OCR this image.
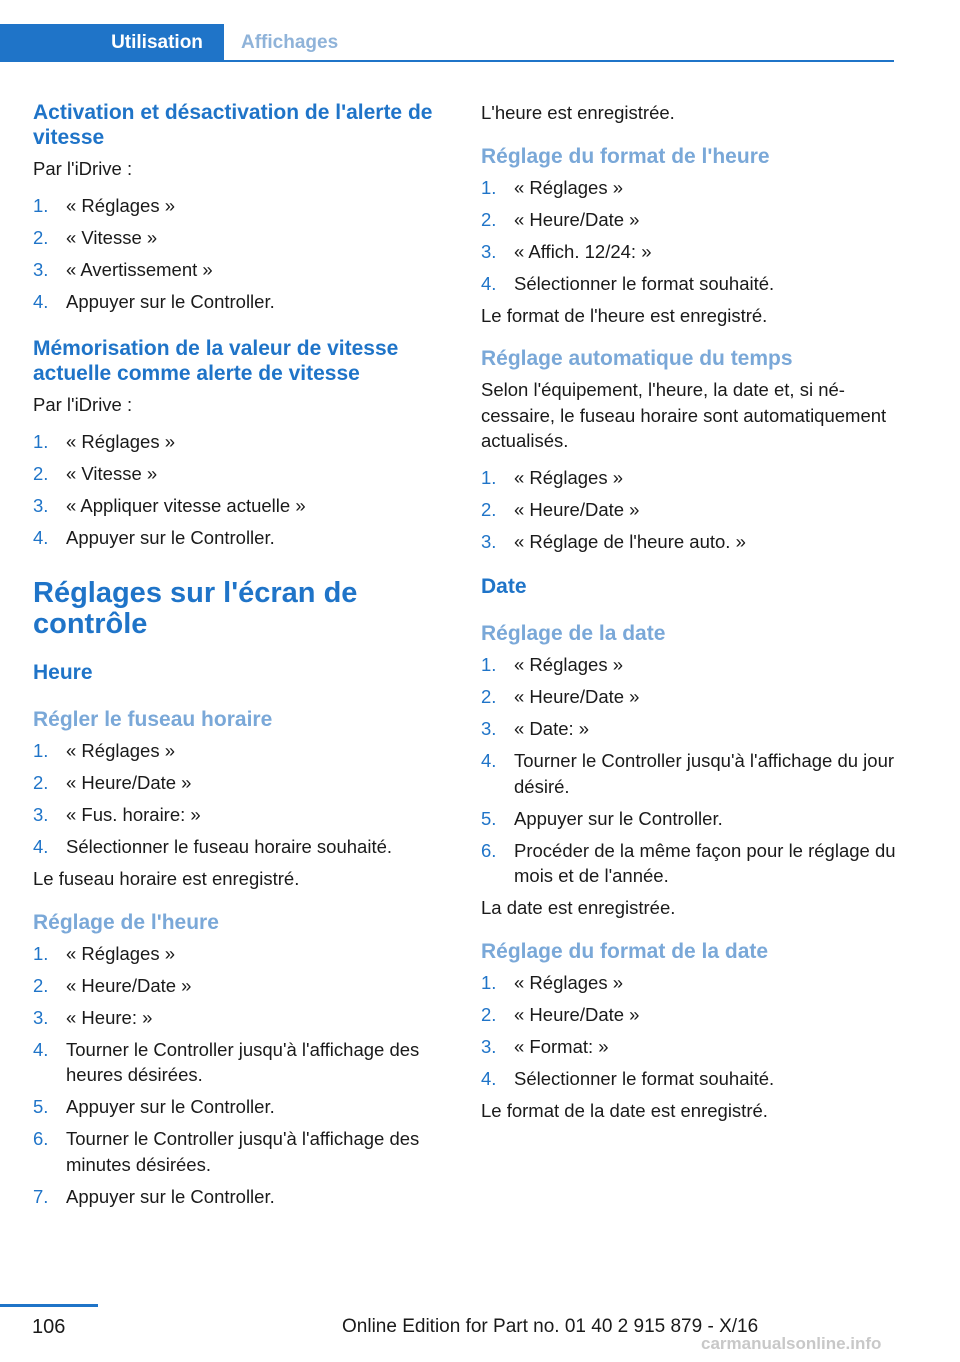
Utilisation	Affichages
Activation et désactivation de l'alerte de vitesse
Par l'iDrive :
1. « Réglages »
2. « Vitesse »
3. « Avertissement »
4. Appuyer sur le Controller.
Mémorisation de la valeur de vitesse actuelle comme alerte de vitesse
Par l'iDrive :
1. « Réglages »
2. « Vitesse »
3. « Appliquer vitesse actuelle »
4. Appuyer sur le Controller.
Réglages sur l'écran de contrôle
Heure
Régler le fuseau horaire
1. « Réglages »
2. « Heure/Date »
3. « Fus. horaire: »
4. Sélectionner le fuseau horaire souhaité.
Le fuseau horaire est enregistré.
Réglage de l'heure
1. « Réglages »
2. « Heure/Date »
3. « Heure: »
4. Tourner le Controller jusqu'à l'affichage des heures désirées.
5. Appuyer sur le Controller.
6. Tourner le Controller jusqu'à l'affichage des minutes désirées.
7. Appuyer sur le Controller.
L'heure est enregistrée.
Réglage du format de l'heure
1. « Réglages »
2. « Heure/Date »
3. « Affich. 12/24: »
4. Sélectionner le format souhaité.
Le format de l'heure est enregistré.
Réglage automatique du temps
Selon l'équipement, l'heure, la date et, si nécessaire, le fuseau horaire sont automatiquement actualisés.
1. « Réglages »
2. « Heure/Date »
3. « Réglage de l'heure auto. »
Date
Réglage de la date
1. « Réglages »
2. « Heure/Date »
3. « Date: »
4. Tourner le Controller jusqu'à l'affichage du jour désiré.
5. Appuyer sur le Controller.
6. Procéder de la même façon pour le réglage du mois et de l'année.
La date est enregistrée.
Réglage du format de la date
1. « Réglages »
2. « Heure/Date »
3. « Format: »
4. Sélectionner le format souhaité.
Le format de la date est enregistré.
106	Online Edition for Part no. 01 40 2 915 879 - X/16
carmanualsonline.info
